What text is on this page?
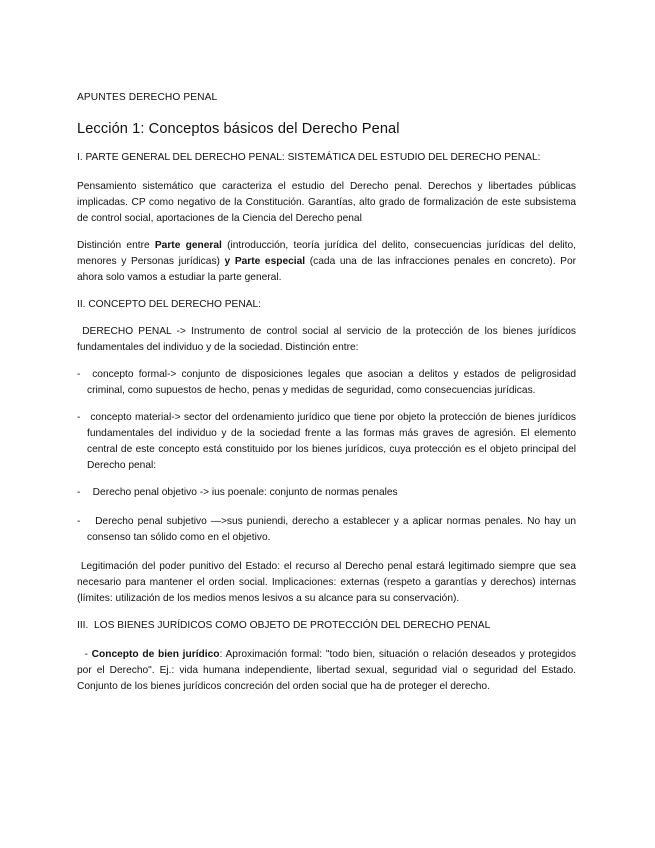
APUNTES DERECHO PENAL

Lección 1: Conceptos básicos del Derecho Penal

I. PARTE GENERAL DEL DERECHO PENAL: SISTEMÁTICA DEL ESTUDIO DEL DERECHO PENAL:

Pensamiento sistemático que caracteriza el estudio del Derecho penal. Derechos y libertades públicas implicadas. CP como negativo de la Constitución. Garantías, alto grado de formalización de este subsistema de control social, aportaciones de la Ciencia del Derecho penal

Distinción entre Parte general (introducción, teoría jurídica del delito, consecuencias jurídicas del delito, menores y Personas jurídicas) y Parte especial (cada una de las infracciones penales en concreto). Por ahora solo vamos a estudiar la parte general.

II. CONCEPTO DEL DERECHO PENAL:

DERECHO PENAL -> Instrumento de control social al servicio de la protección de los bienes jurídicos fundamentales del individuo y de la sociedad. Distinción entre:

- concepto formal-> conjunto de disposiciones legales que asocian a delitos y estados de peligrosidad criminal, como supuestos de hecho, penas y medidas de seguridad, como consecuencias jurídicas.
- concepto material-> sector del ordenamiento jurídico que tiene por objeto la protección de bienes jurídicos fundamentales del individuo y de la sociedad frente a las formas más graves de agresión. El elemento central de este concepto está constituido por los bienes jurídicos, cuya protección es el objeto principal del Derecho penal:
- Derecho penal objetivo -> ius poenale: conjunto de normas penales
- Derecho penal subjetivo —>sus puniendi, derecho a establecer y a aplicar normas penales. No hay un consenso tan sólido como en el objetivo.

Legitimación del poder punitivo del Estado: el recurso al Derecho penal estará legitimado siempre que sea necesario para mantener el orden social. Implicaciones: externas (respeto a garantías y derechos) internas (límites: utilización de los medios menos lesivos a su alcance para su conservación).

III.  LOS BIENES JURÍDICOS COMO OBJETO DE PROTECCIÓN DEL DERECHO PENAL

- Concepto de bien jurídico: Aproximación formal: "todo bien, situación o relación deseados y protegidos por el Derecho". Ej.: vida humana independiente, libertad sexual, seguridad vial o seguridad del Estado. Conjunto de los bienes jurídicos concreción del orden social que ha de proteger el derecho.
